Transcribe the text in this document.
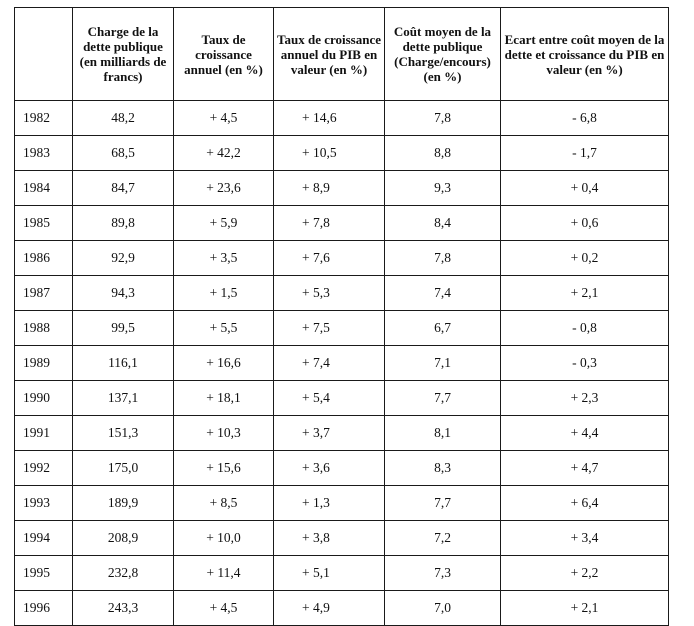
	Charge de la dette publique (en milliards de francs)	Taux de croissance annuel (en %)	Taux de croissance annuel du PIB en valeur (en %)	Coût moyen de la dette publique (Charge/encours) (en %)	Ecart entre coût moyen de la dette et croissance du PIB en valeur (en %)
1982	48,2	+ 4,5	+ 14,6	7,8	- 6,8
1983	68,5	+ 42,2	+ 10,5	8,8	- 1,7
1984	84,7	+ 23,6	+ 8,9	9,3	+ 0,4
1985	89,8	+ 5,9	+ 7,8	8,4	+ 0,6
1986	92,9	+ 3,5	+ 7,6	7,8	+ 0,2
1987	94,3	+ 1,5	+ 5,3	7,4	+ 2,1
1988	99,5	+ 5,5	+ 7,5	6,7	- 0,8
1989	116,1	+ 16,6	+ 7,4	7,1	- 0,3
1990	137,1	+ 18,1	+ 5,4	7,7	+ 2,3
1991	151,3	+ 10,3	+ 3,7	8,1	+ 4,4
1992	175,0	+ 15,6	+ 3,6	8,3	+ 4,7
1993	189,9	+ 8,5	+ 1,3	7,7	+ 6,4
1994	208,9	+ 10,0	+ 3,8	7,2	+ 3,4
1995	232,8	+ 11,4	+ 5,1	7,3	+ 2,2
1996	243,3	+ 4,5	+ 4,9	7,0	+ 2,1
